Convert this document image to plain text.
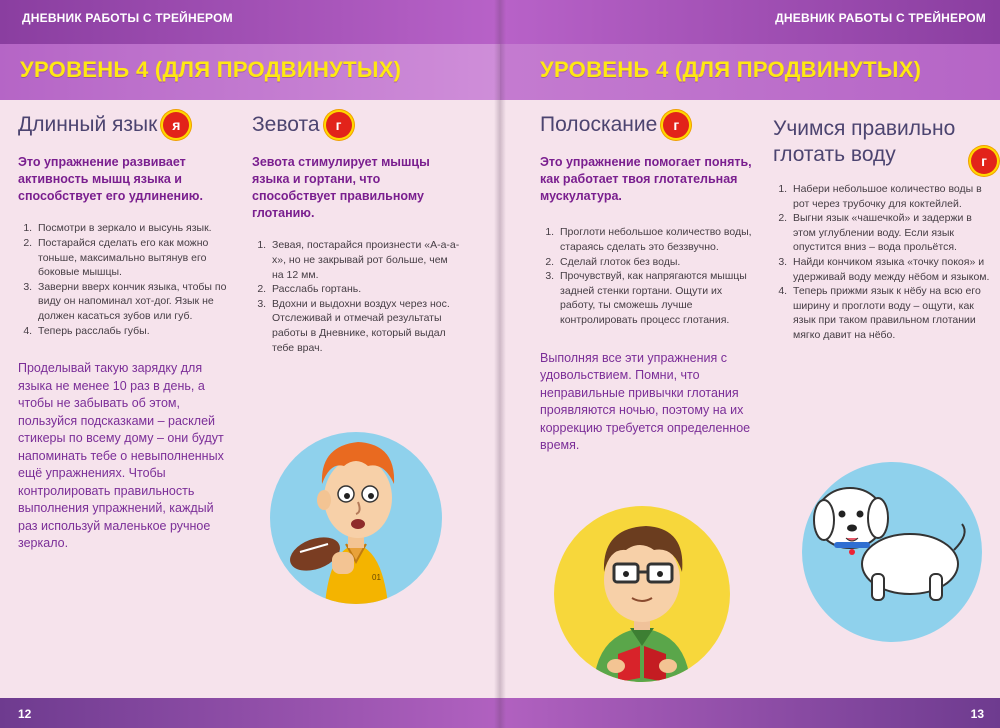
ДНЕВНИК РАБОТЫ С ТРЕЙНЕРОМ
УРОВЕНЬ 4 (ДЛЯ ПРОДВИНУТЫХ)
Длинный язык я
Это упражнение развивает активность мышц языка и способствует его удлинению.
1. Посмотри в зеркало и высунь язык.
2. Постарайся сделать его как можно тоньше, максимально вытянув его боковые мышцы.
3. Заверни вверх кончик языка, чтобы по виду он напоминал хот-дог. Язык не должен касаться зубов или губ.
4. Теперь расслабь губы.
Проделывай такую зарядку для языка не менее 10 раз в день, а чтобы не забывать об этом, пользуйся подсказками – расклей стикеры по всему дому – они будут напоминать тебе о невыполненных ещё упражнениях. Чтобы контролировать правильность выполнения упражнений, каждый раз используй маленькое ручное зеркало.
Зевота г
Зевота стимулирует мышцы языка и гортани, что способствует правильному глотанию.
1. Зевая, постарайся произнести «А-а-а-х», но не закрывай рот больше, чем на 12 мм.
2. Расслабь гортань.
3. Вдохни и выдохни воздух через нос. Отслеживай и отмечай результаты работы в Дневнике, который выдал тебе врач.
01
12
ДНЕВНИК РАБОТЫ С ТРЕЙНЕРОМ
УРОВЕНЬ 4 (ДЛЯ ПРОДВИНУТЫХ)
Полоскание г
Это упражнение помогает понять, как работает твоя глотательная мускулатура.
1. Проглоти небольшое количество воды, стараясь сделать это беззвучно.
2. Сделай глоток без воды.
3. Прочувствуй, как напрягаются мышцы задней стенки гортани. Ощути их работу, ты сможешь лучше контролировать процесс глотания.
Выполняя все эти упражнения с удовольствием. Помни, что неправильные привычки глотания проявляются ночью, поэтому на их коррекцию требуется определенное время.
Учимся правильно глотать воду	г
1. Набери небольшое количество воды в рот через трубочку для коктейлей.
2. Выгни язык «чашечкой» и задержи в этом углублении воду. Если язык опустится вниз – вода прольётся.
3. Найди кончиком языка «точку покоя» и удерживай воду между нёбом и языком.
4. Теперь прижми язык к нёбу на всю его ширину и проглоти воду – ощути, как язык при таком правильном глотании мягко давит на нёбо.
13
